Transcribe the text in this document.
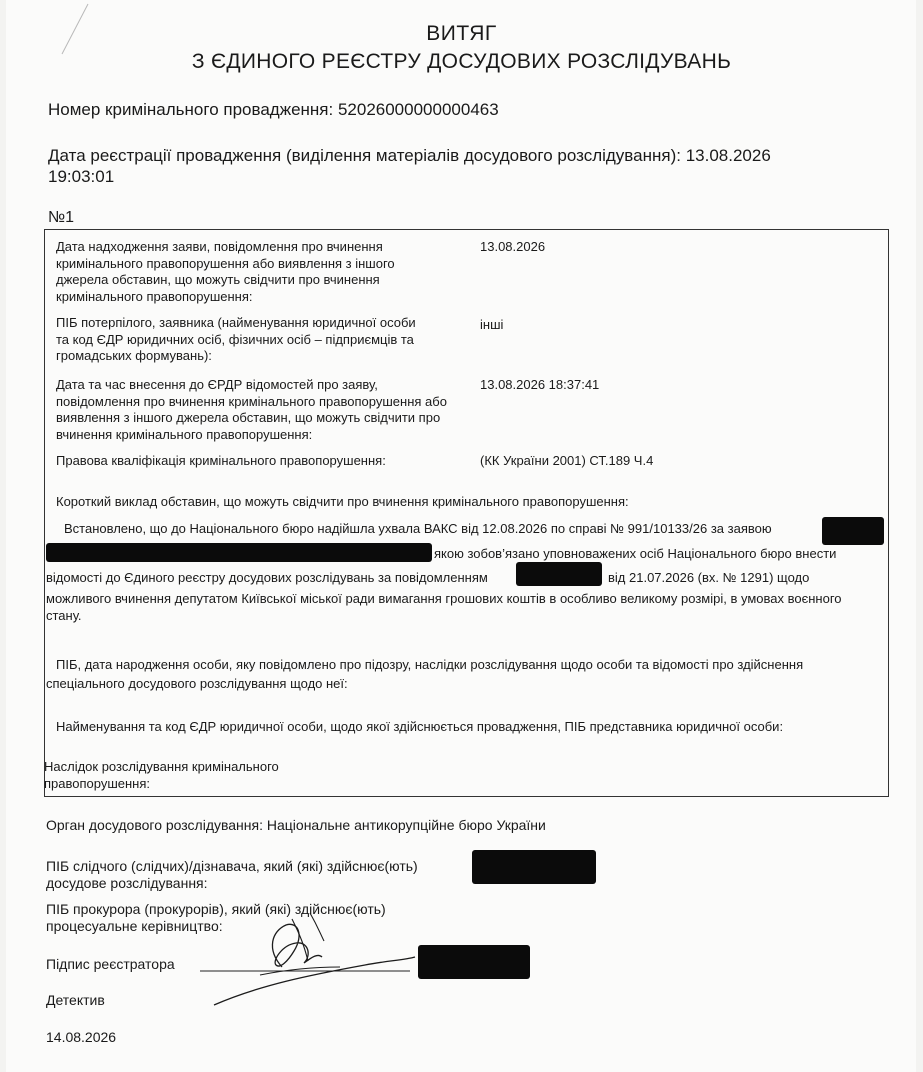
ВИТЯГ
З ЄДИНОГО РЕЄСТРУ ДОСУДОВИХ РОЗСЛІДУВАНЬ
Номер кримінального провадження: 52026000000000463
Дата реєстрації провадження (виділення матеріалів досудового розслідування): 13.08.2026
19:03:01
№1
Дата надходження заяви, повідомлення про вчинення
кримінального правопорушення або виявлення з іншого
джерела обставин, що можуть свідчити про вчинення
кримінального правопорушення:
13.08.2026
ПІБ потерпілого, заявника (найменування юридичної особи
та код ЄДР юридичних осіб, фізичних осіб – підприємців та
громадських формувань):
інші
Дата та час внесення до ЄРДР відомостей про заяву,
повідомлення про вчинення кримінального правопорушення або
виявлення з іншого джерела обставин, що можуть свідчити про
вчинення кримінального правопорушення:
13.08.2026 18:37:41
Правова кваліфікація кримінального правопорушення:	(КК України 2001) СТ.189 Ч.4
Короткий виклад обставин, що можуть свідчити про вчинення кримінального правопорушення:
Встановлено, що до Національного бюро надійшла ухвала ВАКС від 12.08.2026 по справі № 991/10133/26 за заявою
якою зобов’язано уповноважених осіб Національного бюро внести
відомості до Єдиного реєстру досудових розслідувань за повідомленням	від 21.07.2026 (вх. № 1291) щодо
можливого вчинення депутатом Київської міської ради вимагання грошових коштів в особливо великому розмірі, в умовах воєнного
стану.
ПІБ, дата народження особи, яку повідомлено про підозру, наслідки розслідування щодо особи та відомості про здійснення
спеціального досудового розслідування щодо неї:
Найменування та код ЄДР юридичної особи, щодо якої здійснюється провадження, ПІБ представника юридичної особи:
Наслідок розслідування кримінального
правопорушення:
Орган досудового розслідування: Національне антикорупційне бюро України
ПІБ слідчого (слідчих)/дізнавача, який (які) здійснює(ють)
досудове розслідування:
ПІБ прокурора (прокурорів), який (які) здійснює(ють)
процесуальне керівництво:
Підпис реєстратора
Детектив
14.08.2026
